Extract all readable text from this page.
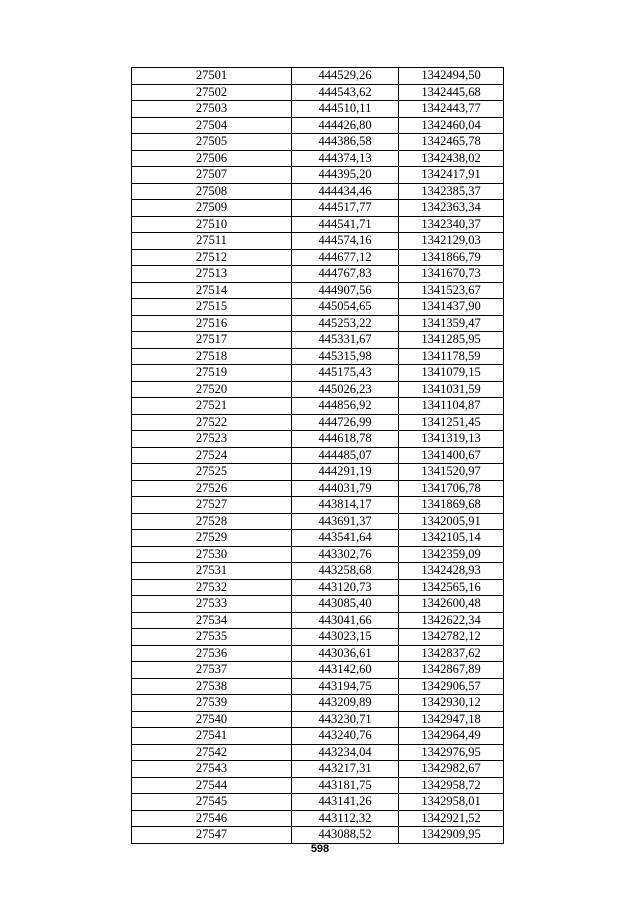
27501	444529,26	1342494,50
27502	444543,62	1342445,68
27503	444510,11	1342443,77
27504	444426,80	1342460,04
27505	444386,58	1342465,78
27506	444374,13	1342438,02
27507	444395,20	1342417,91
27508	444434,46	1342385,37
27509	444517,77	1342363,34
27510	444541,71	1342340,37
27511	444574,16	1342129,03
27512	444677,12	1341866,79
27513	444767,83	1341670,73
27514	444907,56	1341523,67
27515	445054,65	1341437,90
27516	445253,22	1341359,47
27517	445331,67	1341285,95
27518	445315,98	1341178,59
27519	445175,43	1341079,15
27520	445026,23	1341031,59
27521	444856,92	1341104,87
27522	444726,99	1341251,45
27523	444618,78	1341319,13
27524	444485,07	1341400,67
27525	444291,19	1341520,97
27526	444031,79	1341706,78
27527	443814,17	1341869,68
27528	443691,37	1342005,91
27529	443541,64	1342105,14
27530	443302,76	1342359,09
27531	443258,68	1342428,93
27532	443120,73	1342565,16
27533	443085,40	1342600,48
27534	443041,66	1342622,34
27535	443023,15	1342782,12
27536	443036,61	1342837,62
27537	443142,60	1342867,89
27538	443194,75	1342906,57
27539	443209,89	1342930,12
27540	443230,71	1342947,18
27541	443240,76	1342964,49
27542	443234,04	1342976,95
27543	443217,31	1342982,67
27544	443181,75	1342958,72
27545	443141,26	1342958,01
27546	443112,32	1342921,52
27547	443088,52	1342909,95
598
